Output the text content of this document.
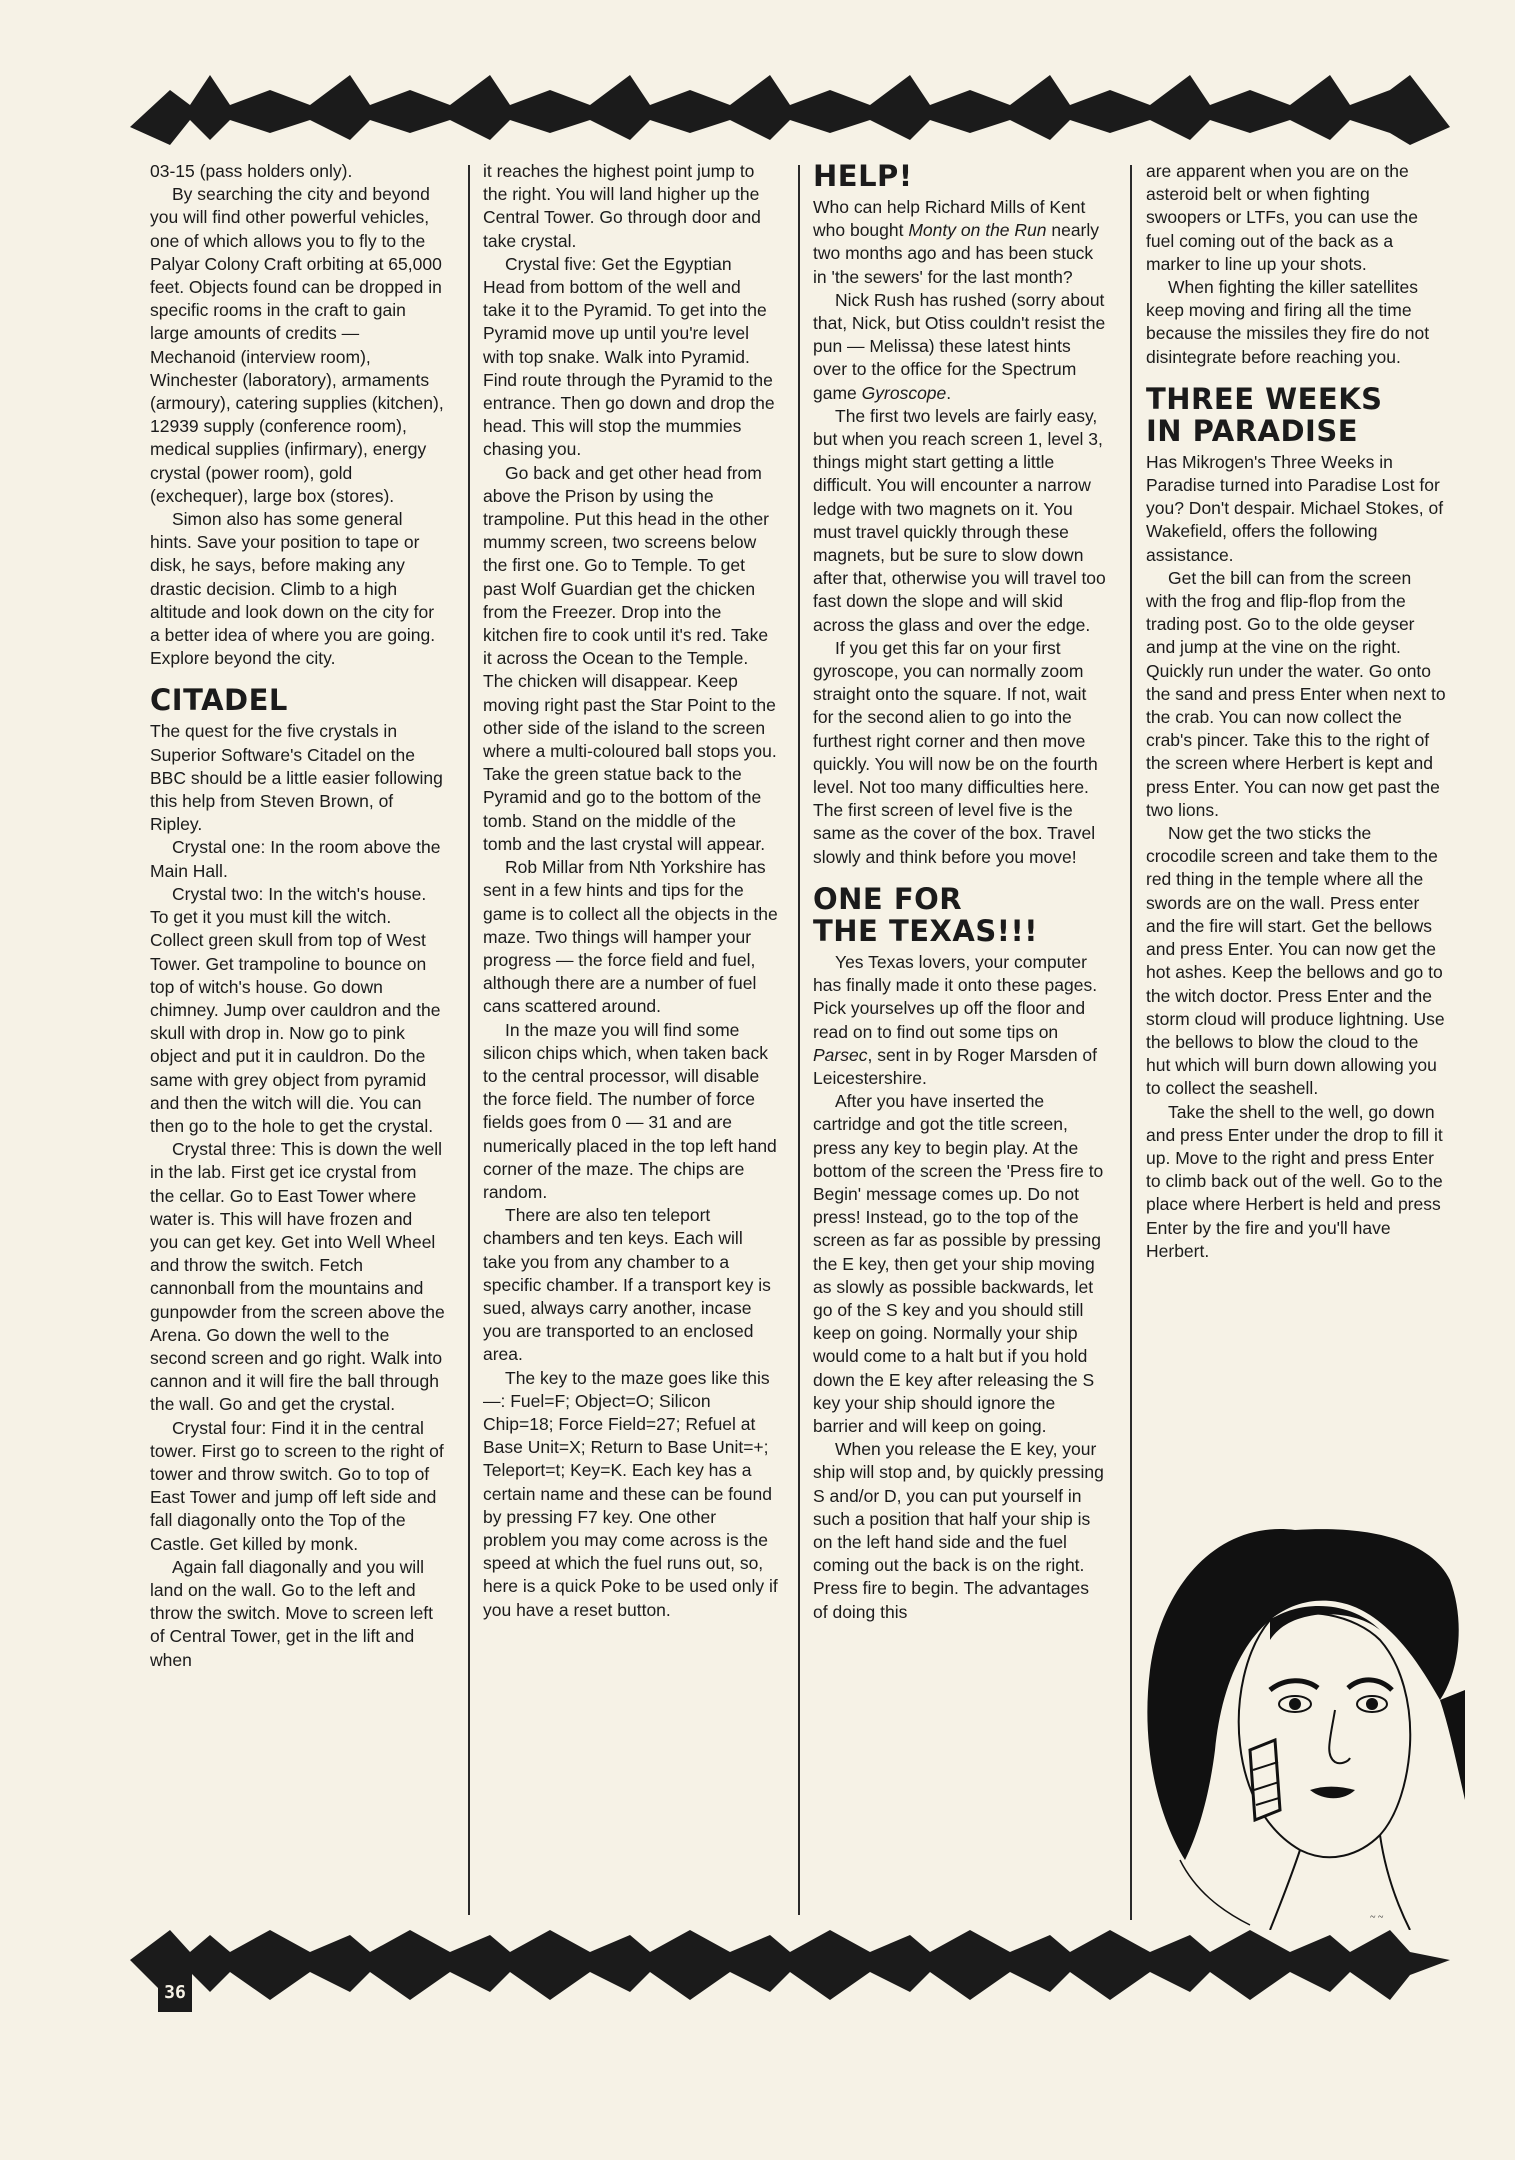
03-15 (pass holders only).

By searching the city and beyond you will find other powerful vehicles, one of which allows you to fly to the Palyar Colony Craft orbiting at 65,000 feet. Objects found can be dropped in specific rooms in the craft to gain large amounts of credits — Mechanoid (interview room), Winchester (laboratory), armaments (armoury), catering supplies (kitchen), 12939 supply (conference room), medical supplies (infirmary), energy crystal (power room), gold (exchequer), large box (stores).

Simon also has some general hints. Save your position to tape or disk, he says, before making any drastic decision. Climb to a high altitude and look down on the city for a better idea of where you are going. Explore beyond the city.

CITADEL

The quest for the five crystals in Superior Software's Citadel on the BBC should be a little easier following this help from Steven Brown, of Ripley.

Crystal one: In the room above the Main Hall.

Crystal two: In the witch's house. To get it you must kill the witch. Collect green skull from top of West Tower. Get trampoline to bounce on top of witch's house. Go down chimney. Jump over cauldron and the skull with drop in. Now go to pink object and put it in cauldron. Do the same with grey object from pyramid and then the witch will die. You can then go to the hole to get the crystal.

Crystal three: This is down the well in the lab. First get ice crystal from the cellar. Go to East Tower where water is. This will have frozen and you can get key. Get into Well Wheel and throw the switch. Fetch cannonball from the mountains and gunpowder from the screen above the Arena. Go down the well to the second screen and go right. Walk into cannon and it will fire the ball through the wall. Go and get the crystal.

Crystal four: Find it in the central tower. First go to screen to the right of tower and throw switch. Go to top of East Tower and jump off left side and fall diagonally onto the Top of the Castle. Get killed by monk.

Again fall diagonally and you will land on the wall. Go to the left and throw the switch. Move to screen left of Central Tower, get in the lift and when

it reaches the highest point jump to the right. You will land higher up the Central Tower. Go through door and take crystal.

Crystal five: Get the Egyptian Head from bottom of the well and take it to the Pyramid. To get into the Pyramid move up until you're level with top snake. Walk into Pyramid. Find route through the Pyramid to the entrance. Then go down and drop the head. This will stop the mummies chasing you.

Go back and get other head from above the Prison by using the trampoline. Put this head in the other mummy screen, two screens below the first one. Go to Temple. To get past Wolf Guardian get the chicken from the Freezer. Drop into the kitchen fire to cook until it's red. Take it across the Ocean to the Temple. The chicken will disappear. Keep moving right past the Star Point to the other side of the island to the screen where a multi-coloured ball stops you. Take the green statue back to the Pyramid and go to the bottom of the tomb. Stand on the middle of the tomb and the last crystal will appear.

Rob Millar from Nth Yorkshire has sent in a few hints and tips for the game is to collect all the objects in the maze. Two things will hamper your progress — the force field and fuel, although there are a number of fuel cans scattered around.

In the maze you will find some silicon chips which, when taken back to the central processor, will disable the force field. The number of force fields goes from 0 — 31 and are numerically placed in the top left hand corner of the maze. The chips are random.

There are also ten teleport chambers and ten keys. Each will take you from any chamber to a specific chamber. If a transport key is sued, always carry another, incase you are transported to an enclosed area.

The key to the maze goes like this —: Fuel=F; Object=O; Silicon Chip=18; Force Field=27; Refuel at Base Unit=X; Return to Base Unit=+; Teleport=t; Key=K. Each key has a certain name and these can be found by pressing F7 key. One other problem you may come across is the speed at which the fuel runs out, so, here is a quick Poke to be used only if you have a reset button.

HELP!

Who can help Richard Mills of Kent who bought Monty on the Run nearly two months ago and has been stuck in 'the sewers' for the last month?

Nick Rush has rushed (sorry about that, Nick, but Otiss couldn't resist the pun — Melissa) these latest hints over to the office for the Spectrum game Gyroscope.

The first two levels are fairly easy, but when you reach screen 1, level 3, things might start getting a little difficult. You will encounter a narrow ledge with two magnets on it. You must travel quickly through these magnets, but be sure to slow down after that, otherwise you will travel too fast down the slope and will skid across the glass and over the edge.

If you get this far on your first gyroscope, you can normally zoom straight onto the square. If not, wait for the second alien to go into the furthest right corner and then move quickly. You will now be on the fourth level. Not too many difficulties here. The first screen of level five is the same as the cover of the box. Travel slowly and think before you move!

ONE FOR
THE TEXAS!!!

Yes Texas lovers, your computer has finally made it onto these pages. Pick yourselves up off the floor and read on to find out some tips on Parsec, sent in by Roger Marsden of Leicestershire.

After you have inserted the cartridge and got the title screen, press any key to begin play. At the bottom of the screen the 'Press fire to Begin' message comes up. Do not press! Instead, go to the top of the screen as far as possible by pressing the E key, then get your ship moving as slowly as possible backwards, let go of the S key and you should still keep on going. Normally your ship would come to a halt but if you hold down the E key after releasing the S key your ship should ignore the barrier and will keep on going.

When you release the E key, your ship will stop and, by quickly pressing S and/or D, you can put yourself in such a position that half your ship is on the left hand side and the fuel coming out the back is on the right. Press fire to begin. The advantages of doing this

are apparent when you are on the asteroid belt or when fighting swoopers or LTFs, you can use the fuel coming out of the back as a marker to line up your shots.

When fighting the killer satellites keep moving and firing all the time because the missiles they fire do not disintegrate before reaching you.

THREE WEEKS
IN PARADISE

Has Mikrogen's Three Weeks in Paradise turned into Paradise Lost for you? Don't despair. Michael Stokes, of Wakefield, offers the following assistance.

Get the bill can from the screen with the frog and flip-flop from the trading post. Go to the olde geyser and jump at the vine on the right. Quickly run under the water. Go onto the sand and press Enter when next to the crab. You can now collect the crab's pincer. Take this to the right of the screen where Herbert is kept and press Enter. You can now get past the two lions.

Now get the two sticks the crocodile screen and take them to the red thing in the temple where all the swords are on the wall. Press enter and the fire will start. Get the bellows and press Enter. You can now get the hot ashes. Keep the bellows and go to the witch doctor. Press Enter and the storm cloud will produce lightning. Use the bellows to blow the cloud to the hut which will burn down allowing you to collect the seashell.

Take the shell to the well, go down and press Enter under the drop to fill it up. Move to the right and press Enter to climb back out of the well. Go to the place where Herbert is held and press Enter by the fire and you'll have Herbert.

~ ~
36
